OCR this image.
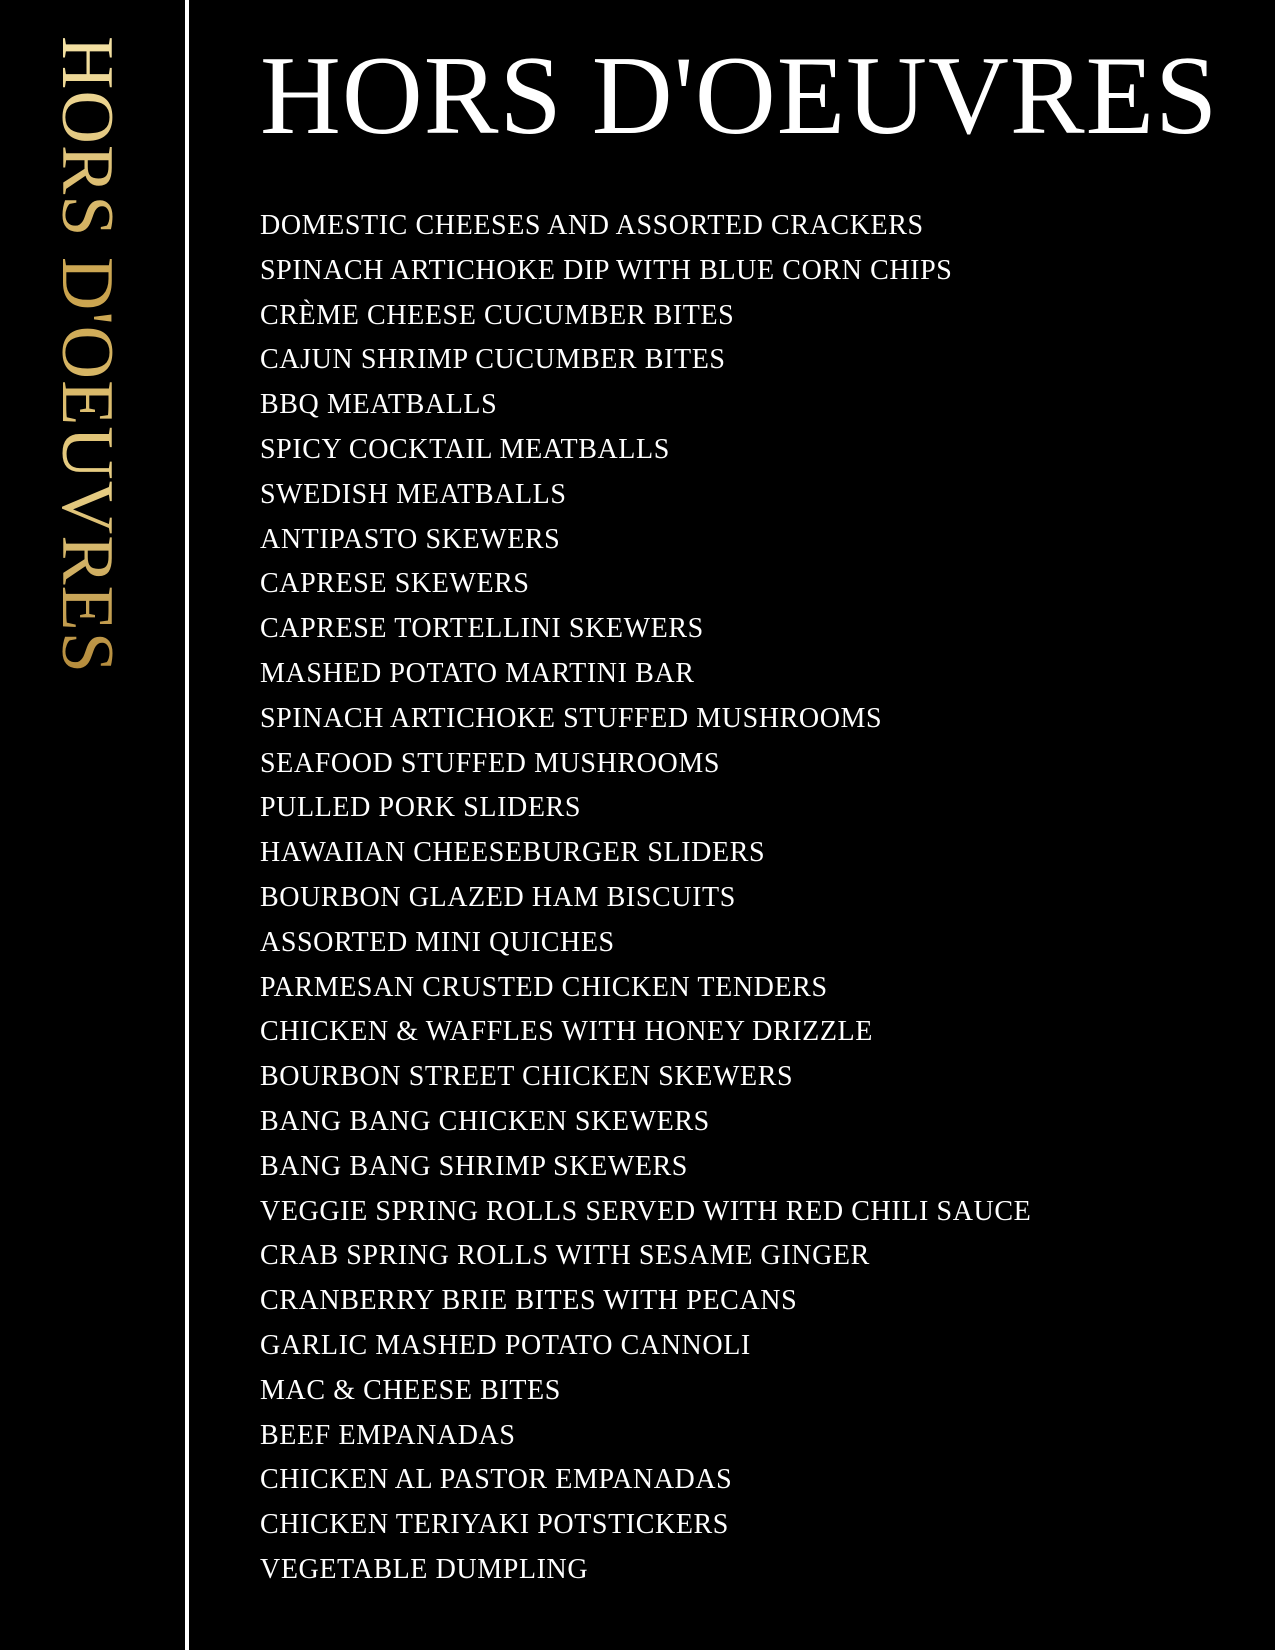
HORS D'OEUVRES HORS D'OEUVRES
DOMESTIC CHEESES AND ASSORTED CRACKERS
SPINACH ARTICHOKE DIP WITH BLUE CORN CHIPS
CRÈME CHEESE CUCUMBER BITES
CAJUN SHRIMP CUCUMBER BITES
BBQ MEATBALLS
SPICY COCKTAIL MEATBALLS
SWEDISH MEATBALLS
ANTIPASTO SKEWERS
CAPRESE SKEWERS
CAPRESE TORTELLINI SKEWERS
MASHED POTATO MARTINI BAR
SPINACH ARTICHOKE STUFFED MUSHROOMS
SEAFOOD STUFFED MUSHROOMS
PULLED PORK SLIDERS
HAWAIIAN CHEESEBURGER SLIDERS
BOURBON GLAZED HAM BISCUITS
ASSORTED MINI QUICHES
PARMESAN CRUSTED CHICKEN TENDERS
CHICKEN & WAFFLES WITH HONEY DRIZZLE
BOURBON STREET CHICKEN SKEWERS
BANG BANG CHICKEN SKEWERS
BANG BANG SHRIMP SKEWERS
VEGGIE SPRING ROLLS SERVED WITH RED CHILI SAUCE
CRAB SPRING ROLLS WITH SESAME GINGER
CRANBERRY BRIE BITES WITH PECANS
GARLIC MASHED POTATO CANNOLI
MAC & CHEESE BITES
BEEF EMPANADAS
CHICKEN AL PASTOR EMPANADAS
CHICKEN TERIYAKI POTSTICKERS
VEGETABLE DUMPLING
